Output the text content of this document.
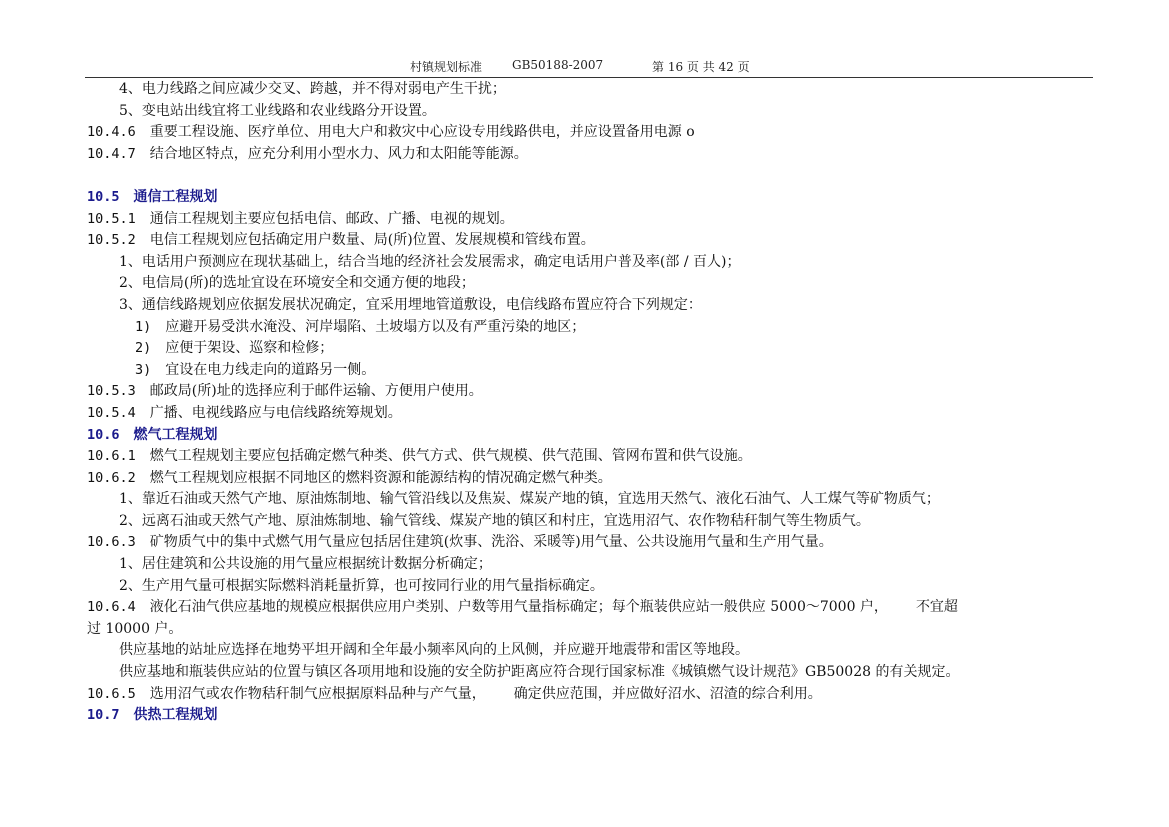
村镇规划标准 GB50188-2007	第 16 页 共 42 页
4、电力线路之间应减少交叉、跨越，并不得对弱电产生干扰；
5、变电站出线宜将工业线路和农业线路分开设置。
10.4.6 重要工程设施、医疗单位、用电大户和救灾中心应设专用线路供电，并应设置备用电源 o
10.4.7 结合地区特点，应充分利用小型水力、风力和太阳能等能源。
10.5 通信工程规划
10.5.1 通信工程规划主要应包括电信、邮政、广播、电视的规划。
10.5.2 电信工程规划应包括确定用户数量、局(所)位置、发展规模和管线布置。
1、电话用户预测应在现状基础上，结合当地的经济社会发展需求，确定电话用户普及率(部 / 百人)；
2、电信局(所)的选址宜设在环境安全和交通方便的地段；
3、通信线路规划应依据发展状况确定，宜采用埋地管道敷设，电信线路布置应符合下列规定：
1) 应避开易受洪水淹没、河岸塌陷、土坡塌方以及有严重污染的地区；
2) 应便于架设、巡察和检修；
3) 宜设在电力线走向的道路另一侧。
10.5.3 邮政局(所)址的选择应利于邮件运输、方便用户使用。
10.5.4 广播、电视线路应与电信线路统筹规划。
10.6 燃气工程规划
10.6.1 燃气工程规划主要应包括确定燃气种类、供气方式、供气规模、供气范围、管网布置和供气设施。
10.6.2 燃气工程规划应根据不同地区的燃料资源和能源结构的情况确定燃气种类。
1、靠近石油或天然气产地、原油炼制地、输气管沿线以及焦炭、煤炭产地的镇，宜选用天然气、液化石油气、人工煤气等矿物质气；
2、远离石油或天然气产地、原油炼制地、输气管线、煤炭产地的镇区和村庄，宜选用沼气、农作物秸秆制气等生物质气。
10.6.3 矿物质气中的集中式燃气用气量应包括居住建筑(炊事、洗浴、采暖等)用气量、公共设施用气量和生产用气量。
1、居住建筑和公共设施的用气量应根据统计数据分析确定；
2、生产用气量可根据实际燃料消耗量折算，也可按同行业的用气量指标确定。
10.6.4 液化石油气供应基地的规模应根据供应用户类别、户数等用气量指标确定；每个瓶装供应站一般供应 5000～7000 户， 不宜超
过 10000 户。
供应基地的站址应选择在地势平坦开阔和全年最小频率风向的上风侧，并应避开地震带和雷区等地段。
供应基地和瓶装供应站的位置与镇区各项用地和设施的安全防护距离应符合现行国家标准《城镇燃气设计规范》GB50028 的有关规定。
10.6.5 选用沼气或农作物秸秆制气应根据原料品种与产气量， 确定供应范围，并应做好沼水、沼渣的综合利用。
10.7 供热工程规划
